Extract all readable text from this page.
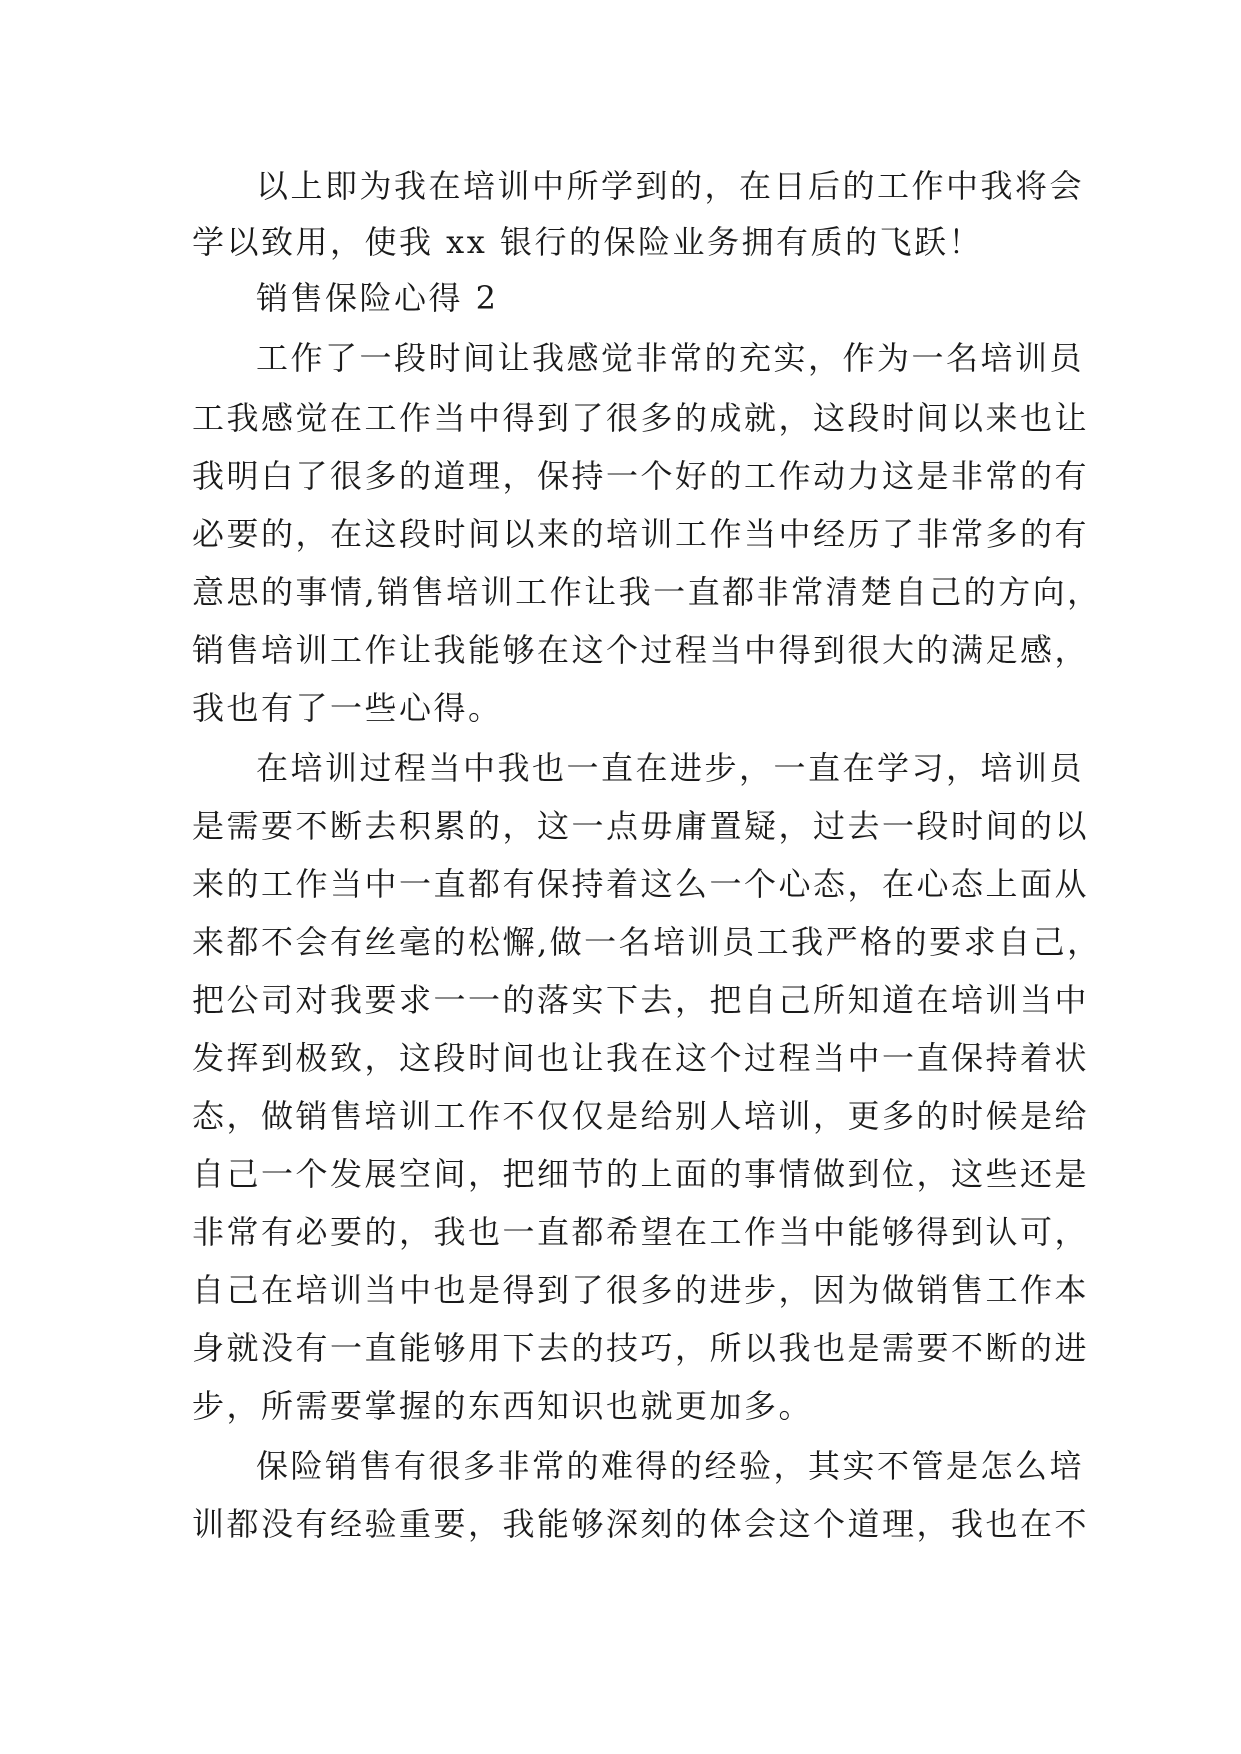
以上即为我在培训中所学到的，在日后的工作中我将会
学以致用，使我 xx 银行的保险业务拥有质的飞跃！
销售保险心得 2
工作了一段时间让我感觉非常的充实，作为一名培训员
工我感觉在工作当中得到了很多的成就，这段时间以来也让
我明白了很多的道理，保持一个好的工作动力这是非常的有
必要的，在这段时间以来的培训工作当中经历了非常多的有
意思的事情,销售培训工作让我一直都非常清楚自己的方向，
销售培训工作让我能够在这个过程当中得到很大的满足感，
我也有了一些心得。
在培训过程当中我也一直在进步，一直在学习，培训员
是需要不断去积累的，这一点毋庸置疑，过去一段时间的以
来的工作当中一直都有保持着这么一个心态，在心态上面从
来都不会有丝毫的松懈,做一名培训员工我严格的要求自己，
把公司对我要求一一的落实下去，把自己所知道在培训当中
发挥到极致，这段时间也让我在这个过程当中一直保持着状
态，做销售培训工作不仅仅是给别人培训，更多的时候是给
自己一个发展空间，把细节的上面的事情做到位，这些还是
非常有必要的，我也一直都希望在工作当中能够得到认可，
自己在培训当中也是得到了很多的进步，因为做销售工作本
身就没有一直能够用下去的技巧，所以我也是需要不断的进
步，所需要掌握的东西知识也就更加多。
保险销售有很多非常的难得的经验，其实不管是怎么培
训都没有经验重要，我能够深刻的体会这个道理，我也在不
